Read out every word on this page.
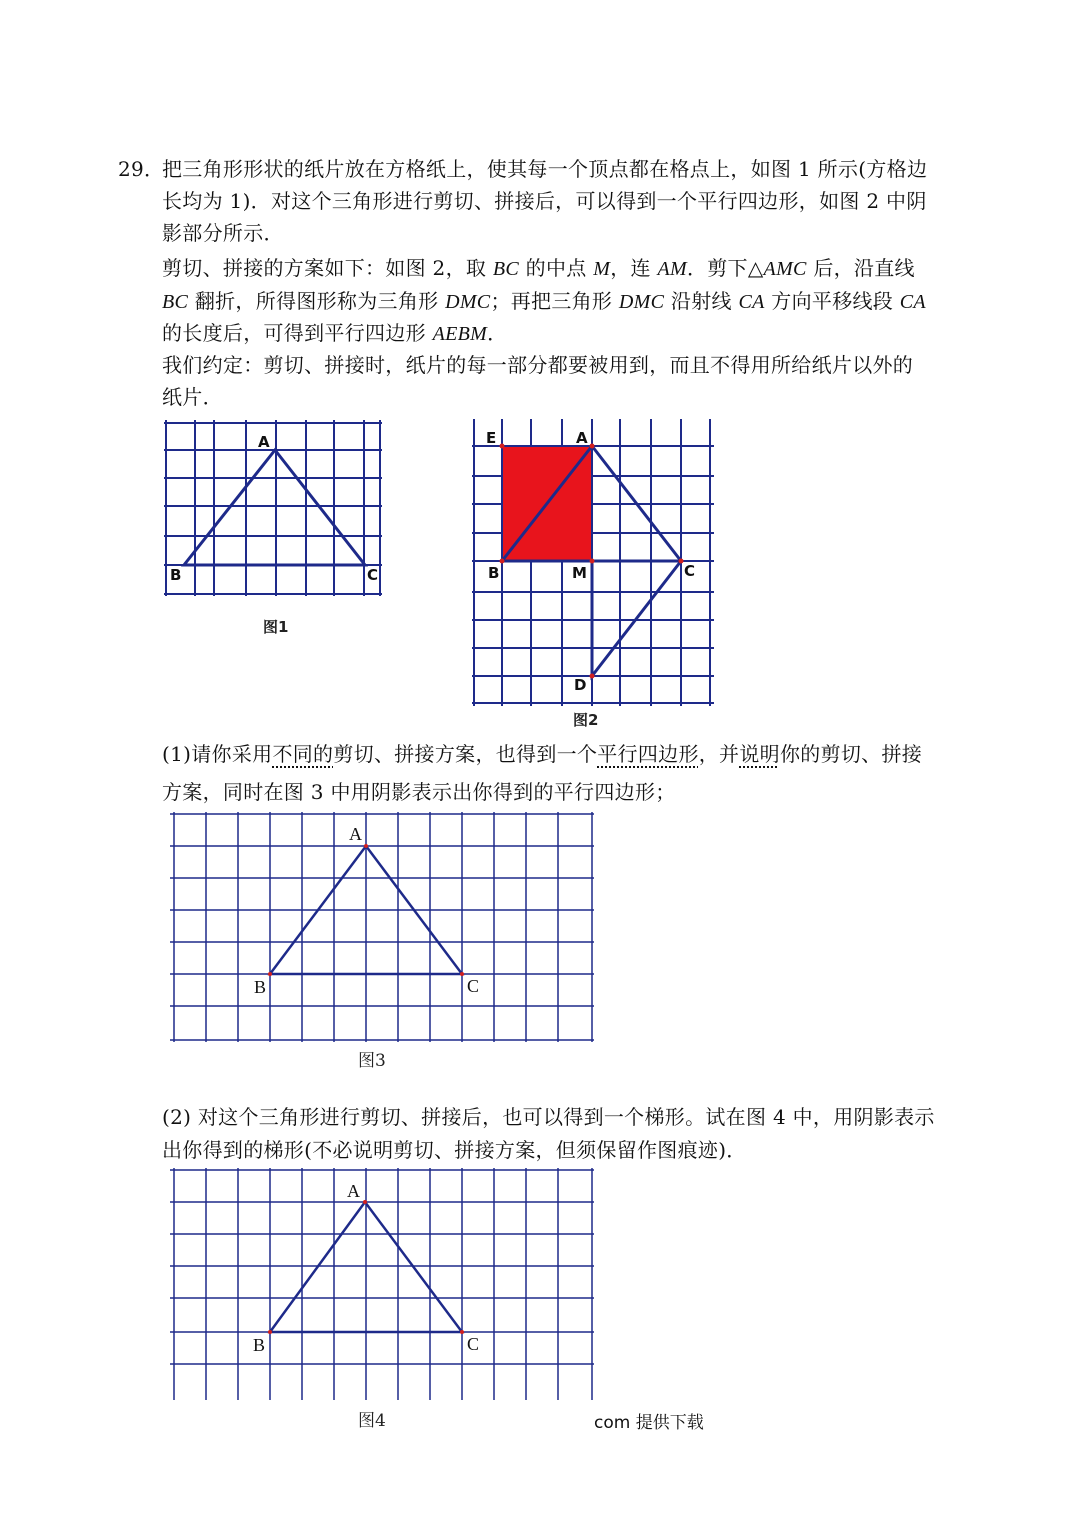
29．
把三角形形状的纸片放在方格纸上，使其每一个顶点都在格点上，如图 1 所示(方格边
长均为 1)．对这个三角形进行剪切、拼接后，可以得到一个平行四边形，如图 2 中阴
影部分所示．
剪切、拼接的方案如下：如图 2，取 BC 的中点 M，连 AM．剪下△AMC 后，沿直线
BC 翻折，所得图形称为三角形 DMC；再把三角形 DMC 沿射线 CA 方向平移线段 CA
的长度后，可得到平行四边形 AEBM．
我们约定：剪切、拼接时，纸片的每一部分都要被用到，而且不得用所给纸片以外的
纸片．
A
B	C
图1
E	A
B	M	C
D
图2
(1)请你采用不同的剪切、拼接方案，也得到一个平行四边形，并说明你的剪切、拼接
方案，同时在图 3 中用阴影表示出你得到的平行四边形；
A
B	C
图3
(2) 对这个三角形进行剪切、拼接后，也可以得到一个梯形。试在图 4 中，用阴影表示
出你得到的梯形(不必说明剪切、拼接方案，但须保留作图痕迹)．
A
B	C
图4	com 提供下载
